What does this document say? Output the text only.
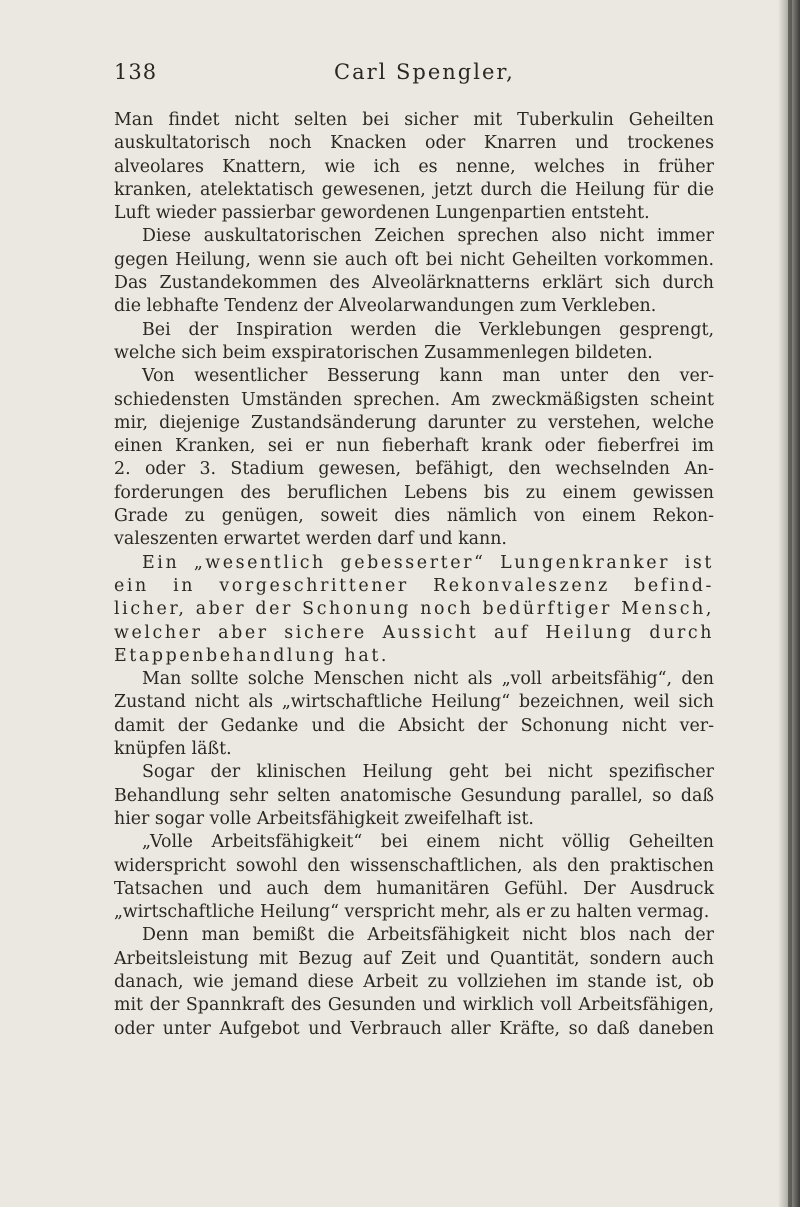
138	Carl Spengler,
Man findet nicht selten bei sicher mit Tuberkulin Geheilten
auskultatorisch noch Knacken oder Knarren und trockenes
alveolares Knattern, wie ich es nenne, welches in früher
kranken, atelektatisch gewesenen, jetzt durch die Heilung für die
Luft wieder passierbar gewordenen Lungenpartien entsteht.
Diese auskultatorischen Zeichen sprechen also nicht immer
gegen Heilung, wenn sie auch oft bei nicht Geheilten vorkommen.
Das Zustandekommen des Alveolärknatterns erklärt sich durch
die lebhafte Tendenz der Alveolarwandungen zum Verkleben.
Bei der Inspiration werden die Verklebungen gesprengt,
welche sich beim exspiratorischen Zusammenlegen bildeten.
Von wesentlicher Besserung kann man unter den ver-
schiedensten Umständen sprechen. Am zweckmäßigsten scheint
mir, diejenige Zustandsänderung darunter zu verstehen, welche
einen Kranken, sei er nun fieberhaft krank oder fieberfrei im
2. oder 3. Stadium gewesen, befähigt, den wechselnden An-
forderungen des beruflichen Lebens bis zu einem gewissen
Grade zu genügen, soweit dies nämlich von einem Rekon-
valeszenten erwartet werden darf und kann.
Ein „wesentlich gebesserter“ Lungenkranker ist
ein in vorgeschrittener Rekonvaleszenz befind-
licher, aber der Schonung noch bedürftiger Mensch,
welcher aber sichere Aussicht auf Heilung durch
Etappenbehandlung hat.
Man sollte solche Menschen nicht als „voll arbeitsfähig“, den
Zustand nicht als „wirtschaftliche Heilung“ bezeichnen, weil sich
damit der Gedanke und die Absicht der Schonung nicht ver-
knüpfen läßt.
Sogar der klinischen Heilung geht bei nicht spezifischer
Behandlung sehr selten anatomische Gesundung parallel, so daß
hier sogar volle Arbeitsfähigkeit zweifelhaft ist.
„Volle Arbeitsfähigkeit“ bei einem nicht völlig Geheilten
widerspricht sowohl den wissenschaftlichen, als den praktischen
Tatsachen und auch dem humanitären Gefühl. Der Ausdruck
„wirtschaftliche Heilung“ verspricht mehr, als er zu halten vermag.
Denn man bemißt die Arbeitsfähigkeit nicht blos nach der
Arbeitsleistung mit Bezug auf Zeit und Quantität, sondern auch
danach, wie jemand diese Arbeit zu vollziehen im stande ist, ob
mit der Spannkraft des Gesunden und wirklich voll Arbeitsfähigen,
oder unter Aufgebot und Verbrauch aller Kräfte, so daß daneben
